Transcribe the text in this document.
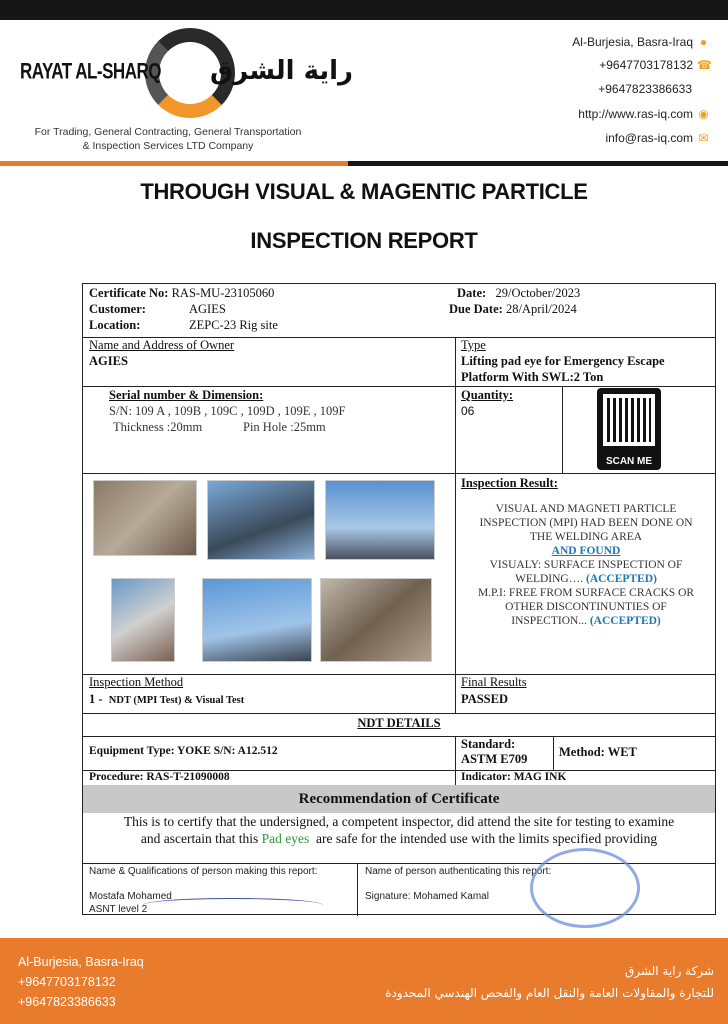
RAYAT AL-SHARQ راية الشرق
For Trading, General Contracting, General Transportation
& Inspection Services LTD Company
Al-Burjesia, Basra-Iraq ●
+9647703178132 ☎
+9647823386633
http://www.ras-iq.com ◉
info@ras-iq.com ✉
THROUGH VISUAL & MAGENTIC PARTICLE
INSPECTION REPORT
Certificate No: RAS-MU-23105060
Customer:	AGIES
Location:	ZEPC-23 Rig site
Date: 29/October/2023
Due Date: 28/April/2024
Name and Address of Owner
AGIES
Type
Lifting pad eye for Emergency Escape
Platform With SWL:2 Ton
Serial number & Dimension:
S/N: 109 A , 109B , 109C , 109D , 109E , 109F
Thickness :20mm	Pin Hole :25mm
Quantity:
06
SCAN ME
Inspection Result:
VISUAL AND MAGNETI PARTICLE
INSPECTION (MPI) HAD BEEN DONE ON
THE WELDING AREA
AND FOUND
VISUALY: SURFACE INSPECTION OF
WELDING…. (ACCEPTED)
M.P.I: FREE FROM SURFACE CRACKS OR
OTHER DISCONTINUNTIES OF
INSPECTION... (ACCEPTED)
Inspection Method
1 - NDT (MPI Test) & Visual Test
Final Results
PASSED
NDT DETAILS
Equipment Type: YOKE S/N: A12.512	Standard:
ASTM E709	Method: WET
Procedure: RAS-T-21090008	Indicator: MAG INK
Recommendation of Certificate
This is to certify that the undersigned, a competent inspector, did attend the site for testing to examine
and ascertain that this Pad eyes are safe for the intended use with the limits specified providing
Name & Qualifications of person making this report:
Mostafa Mohamed
ASNT level 2
Name of person authenticating this report:
Signature: Mohamed Kamal
Al-Burjesia, Basra-Iraq
+9647703178132
+9647823386633
شركة راية الشرق
للتجارة والمقاولات العامة والنقل العام والفحص الهندسي المحدودة
